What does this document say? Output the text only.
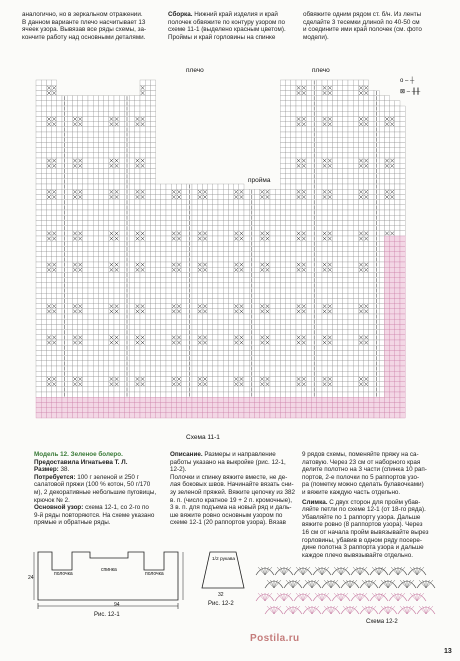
аналогично, но в зеркальном отражении.
В данном варианте плечо насчитывает 13
ячеек узора. Вывязав все ряды схемы, за-
кончите работу над основными деталями.
Сборка. Нижний край изделия и край
полочек обвяжите по контуру узором по
схеме 11-1 (выделено красным цветом).
Проймы и край горловины на спинке
обвяжите одним рядом ст. б/н. Из ленты
сделайте 3 тесемки длиной по 40-50 см
и соедините ими край полочек (см. фото
модели).
плечо	плечо
пройма
о – ┼
⊠ – ╫╫
Схема 11-1
Модель 12. Зеленое болеро.
Предоставила Игнатьева Т. Л.
Размер: 38.
Потребуется: 100 г зеленой и 250 г
салатовой пряжи (100 % котон, 50 г/170
м), 2 декоративные небольшие пуговицы,
крючок № 2.
Основной узор: схема 12-1, со 2-го по
9-й ряды повторяются. На схеме указано
прямые и обратные ряды.
Описание. Размеры и направление
работы указано на выкройке (рис. 12-1,
12-2).
Полочки и спинку вяжите вместе, не де-
лая боковых швов. Начинайте вязать сни-
зу зеленой пряжей. Вяжите цепочку из 382
в. п. (число кратное 19 + 2 п. кромочные),
3 в. п. для подъема на новый ряд и даль-
ше вяжите ровно основным узором по
схеме 12-1 (20 раппортов узора). Вязав
9 рядов схемы, поменяйте пряжу на са-
латовую. Через 23 см от наборного края
делите полотно на 3 части (спинка 10 рап-
портов, 2-е полочки по 5 раппортов узо-
ра (пометку можно сделать булавочками)
и вяжите каждую часть отдельно.
Слимка. С двух сторон для пройм убав-
ляйте петли по схеме 12-1 (от 18-го ряда).
Убавляйте по 1 раппорту узора. Дальше
вяжите ровно (8 раппортов узора). Через
16 см от начала пройм вывязывайте вырез
горловины, убавив в одном ряду посере-
дине полотна 3 раппорта узора и дальше
каждое плечо вывязывайте отдельно.
полочка
спинка
полочка
94
24
Рис. 12-1
1/2 рукава
32
Рис. 12-2
Схема 12-2
Postila.ru
13
